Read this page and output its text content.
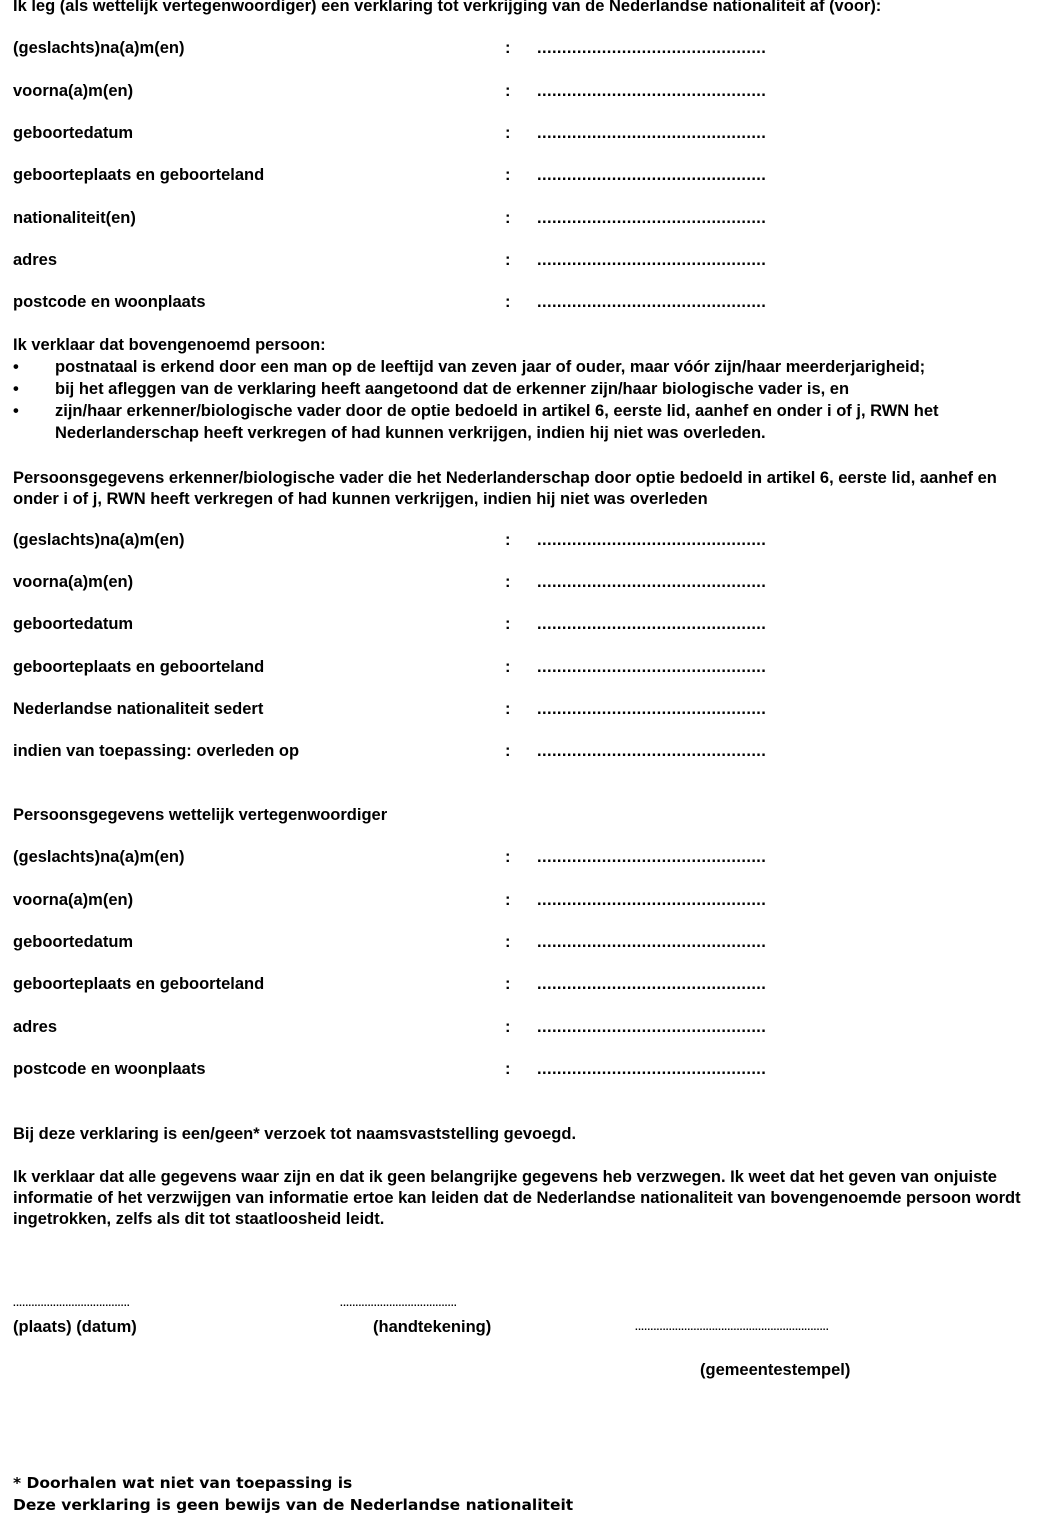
Ik leg (als wettelijk vertegenwoordiger) een verklaring tot verkrijging van de Nederlandse nationaliteit af (voor):
(geslachts)na(a)m(en)	: ..............................................
voorna(a)m(en)	: ..............................................
geboortedatum	: ..............................................
geboorteplaats en geboorteland	: ..............................................
nationaliteit(en)	: ..............................................
adres	: ..............................................
postcode en woonplaats	: ..............................................
Ik verklaar dat bovengenoemd persoon:
• postnataal is erkend door een man op de leeftijd van zeven jaar of ouder, maar vóór zijn/haar meerderjarigheid;
• bij het afleggen van de verklaring heeft aangetoond dat de erkenner zijn/haar biologische vader is, en
• zijn/haar erkenner/biologische vader door de optie bedoeld in artikel 6, eerste lid, aanhef en onder i of j, RWN het Nederlanderschap heeft verkregen of had kunnen verkrijgen, indien hij niet was overleden.
Persoonsgegevens erkenner/biologische vader die het Nederlanderschap door optie bedoeld in artikel 6, eerste lid, aanhef en onder i of j, RWN heeft verkregen of had kunnen verkrijgen, indien hij niet was overleden
(geslachts)na(a)m(en)	: ..............................................
voorna(a)m(en)	: ..............................................
geboortedatum	: ..............................................
geboorteplaats en geboorteland	: ..............................................
Nederlandse nationaliteit sedert	: ..............................................
indien van toepassing: overleden op	: ..............................................
Persoonsgegevens wettelijk vertegenwoordiger
(geslachts)na(a)m(en)	: ..............................................
voorna(a)m(en)	: ..............................................
geboortedatum	: ..............................................
geboorteplaats en geboorteland	: ..............................................
adres	: ..............................................
postcode en woonplaats	: ..............................................
Bij deze verklaring is een/geen* verzoek tot naamsvaststelling gevoegd.
Ik verklaar dat alle gegevens waar zijn en dat ik geen belangrijke gegevens heb verzwegen. Ik weet dat het geven van onjuiste informatie of het verzwijgen van informatie ertoe kan leiden dat de Nederlandse nationaliteit van bovengenoemde persoon wordt ingetrokken, zelfs als dit tot staatloosheid leidt.
......................................
(plaats) (datum)
......................................
(handtekening)	...............................................................
(gemeentestempel)
* Doorhalen wat niet van toepassing is
Deze verklaring is geen bewijs van de Nederlandse nationaliteit
